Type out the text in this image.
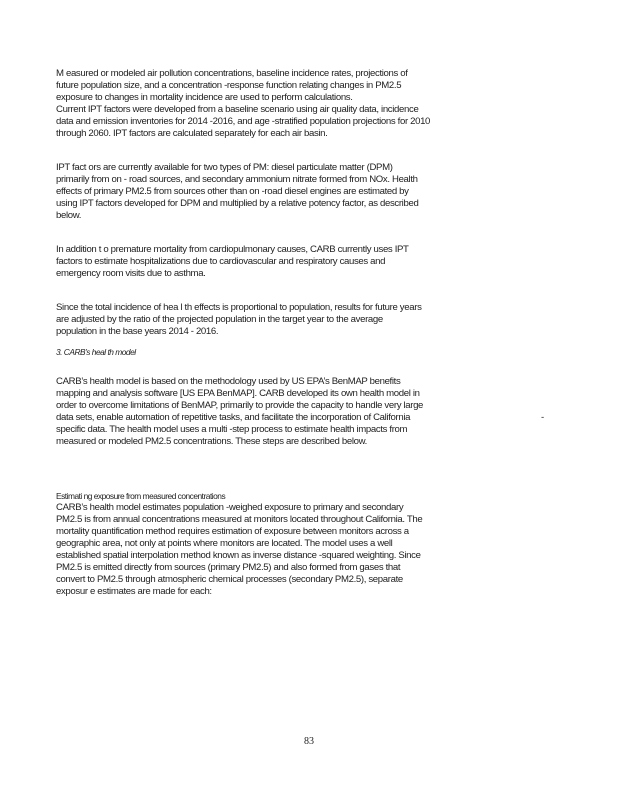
M easured or modeled air pollution concentrations, baseline incidence rates, projections of
future population size, and a concentration -response function relating changes in PM2.5
exposure to changes in mortality incidence are used to perform calculations.
Current IPT factors were developed from a baseline scenario using air quality data, incidence
data and emission inventories for 2014 -2016, and age -stratified population projections for 2010
through 2060. IPT factors are calculated separately for each air basin.
IPT fact ors are currently available for two types of PM: diesel particulate matter (DPM)
primarily from on - road sources, and secondary ammonium nitrate formed from NOx. Health
effects of primary PM2.5 from sources other than on -road diesel engines are estimated by
using IPT factors developed for DPM and multiplied by a relative potency factor, as described
below.
In addition t o premature mortality from cardiopulmonary causes, CARB currently uses IPT
factors to estimate hospitalizations due to cardiovascular and respiratory causes and
emergency room visits due to asthma.
Since the total incidence of hea l th effects is proportional to population, results for future years
are adjusted by the ratio of the projected population in the target year to the average
population in the base years 2014 - 2016.
CARB’s health model is based on the methodology used by US EPA’s BenMAP benefits
mapping and analysis software [US EPA BenMAP]. CARB developed its own health model in
order to overcome limitations of BenMAP, primarily to provide the capacity to handle very large
data sets, enable automation of repetitive tasks, and facilitate the incorporation of California
specific data. The health model uses a multi -step process to estimate health impacts from
measured or modeled PM2.5 concentrations. These steps are described below.
CARB’s health model estimates population -weighed exposure to primary and secondary
PM2.5 is from annual concentrations measured at monitors located throughout California. The
mortality quantification method requires estimation of exposure between monitors across a
geographic area, not only at points where monitors are located. The model uses a well
established spatial interpolation method known as inverse distance -squared weighting. Since
PM2.5 is emitted directly from sources (primary PM2.5) and also formed from gases that
convert to PM2.5 through atmospheric chemical processes (secondary PM2.5), separate
exposur e estimates are made for each:
3. CARB’s heal th model
Estimati ng exposure from measured concentrations
-
83
